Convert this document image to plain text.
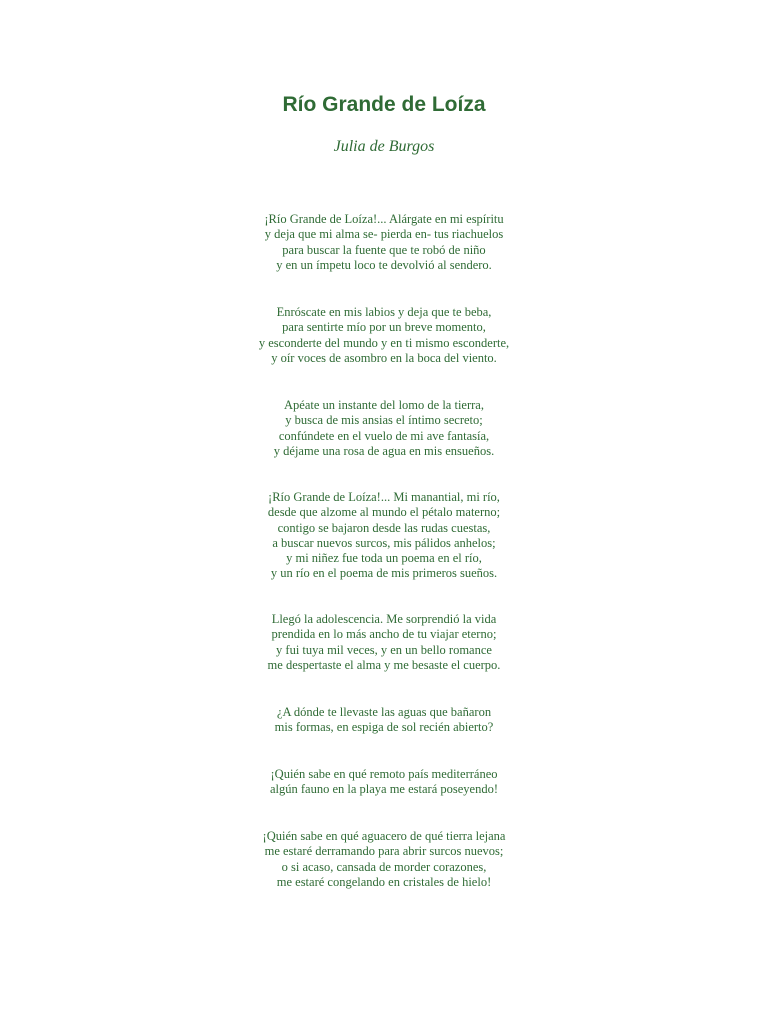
Río Grande de Loíza
Julia de Burgos
¡Río Grande de Loíza!... Alárgate en mi espíritu
y deja que mi alma se- pierda en- tus riachuelos
para buscar la fuente que te robó de niño
y en un ímpetu loco te devolvió al sendero.
Enróscate en mis labios y deja que te beba,
para sentirte mío por un breve momento,
y esconderte del mundo y en ti mismo esconderte,
y oír voces de asombro en la boca del viento.
Apéate un instante del lomo de la tierra,
y busca de mis ansias el íntimo secreto;
confúndete en el vuelo de mi ave fantasía,
y déjame una rosa de agua en mis ensueños.
¡Río Grande de Loíza!... Mi manantial, mi río,
desde que alzome al mundo el pétalo materno;
contigo se bajaron desde las rudas cuestas,
a buscar nuevos surcos, mis pálidos anhelos;
y mi niñez fue toda un poema en el río,
y un río en el poema de mis primeros sueños.
Llegó la adolescencia. Me sorprendió la vida
prendida en lo más ancho de tu viajar eterno;
y fui tuya mil veces, y en un bello romance
me despertaste el alma y me besaste el cuerpo.
¿A dónde te llevaste las aguas que bañaron
mis formas, en espiga de sol recién abierto?
¡Quién sabe en qué remoto país mediterráneo
algún fauno en la playa me estará poseyendo!
¡Quién sabe en qué aguacero de qué tierra lejana
me estaré derramando para abrir surcos nuevos;
o si acaso, cansada de morder corazones,
me estaré congelando en cristales de hielo!
